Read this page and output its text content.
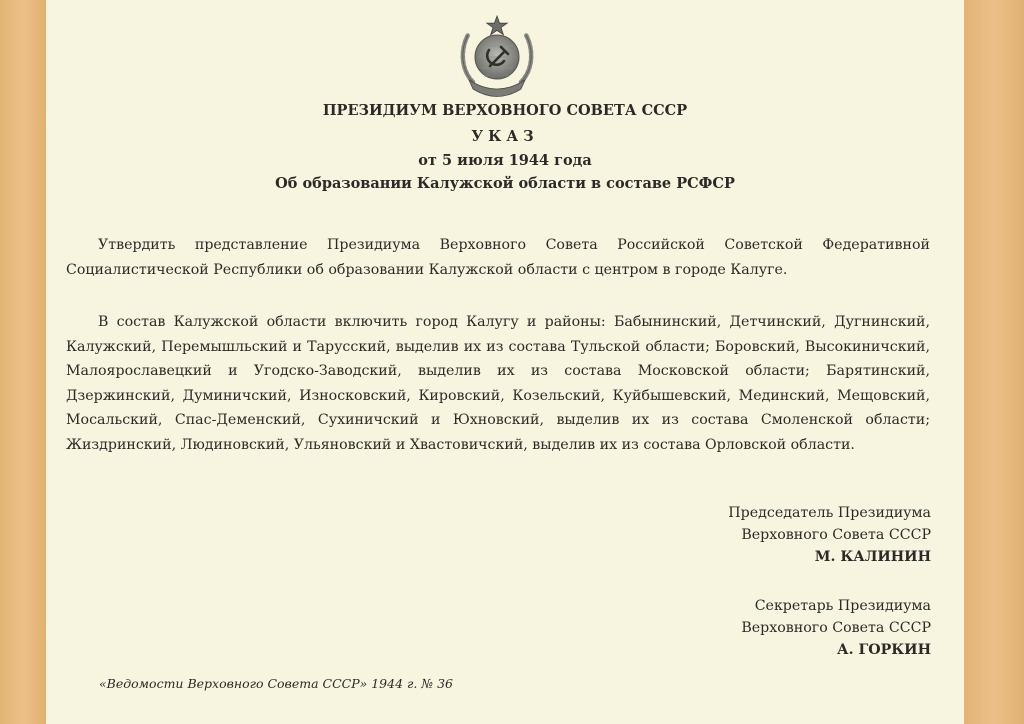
ПРЕЗИДИУМ ВЕРХОВНОГО СОВЕТА СССР
УКАЗ
от 5 июля 1944 года
Об образовании Калужской области в составе РСФСР

Утвердить представление Президиума Верховного Совета Российской Советской Федеративной Социалистической Республики об образовании Калужской области с центром в городе Калуге.

В состав Калужской области включить город Калугу и районы: Бабынинский, Детчинский, Дугнинский, Калужский, Перемышльский и Тарусский, выделив их из состава Тульской области; Боровский, Высокиничский, Малоярославецкий и Угодско-Заводский, выделив их из состава Московской области; Барятинский, Дзержинский, Думиничский, Износковский, Кировский, Козельский, Куйбышевский, Мединский, Мещовский, Мосальский, Спас-Деменский, Сухиничский и Юхновский, выделив их из состава Смоленской области; Жиздринский, Людиновский, Ульяновский и Хвастовичский, выделив их из состава Орловской области.

Председатель Президиума
Верховного Совета СССР
М. КАЛИНИН
Секретарь Президиума
Верховного Совета СССР
А. ГОРКИН
«Ведомости Верховного Совета СССР» 1944 г. № 36
